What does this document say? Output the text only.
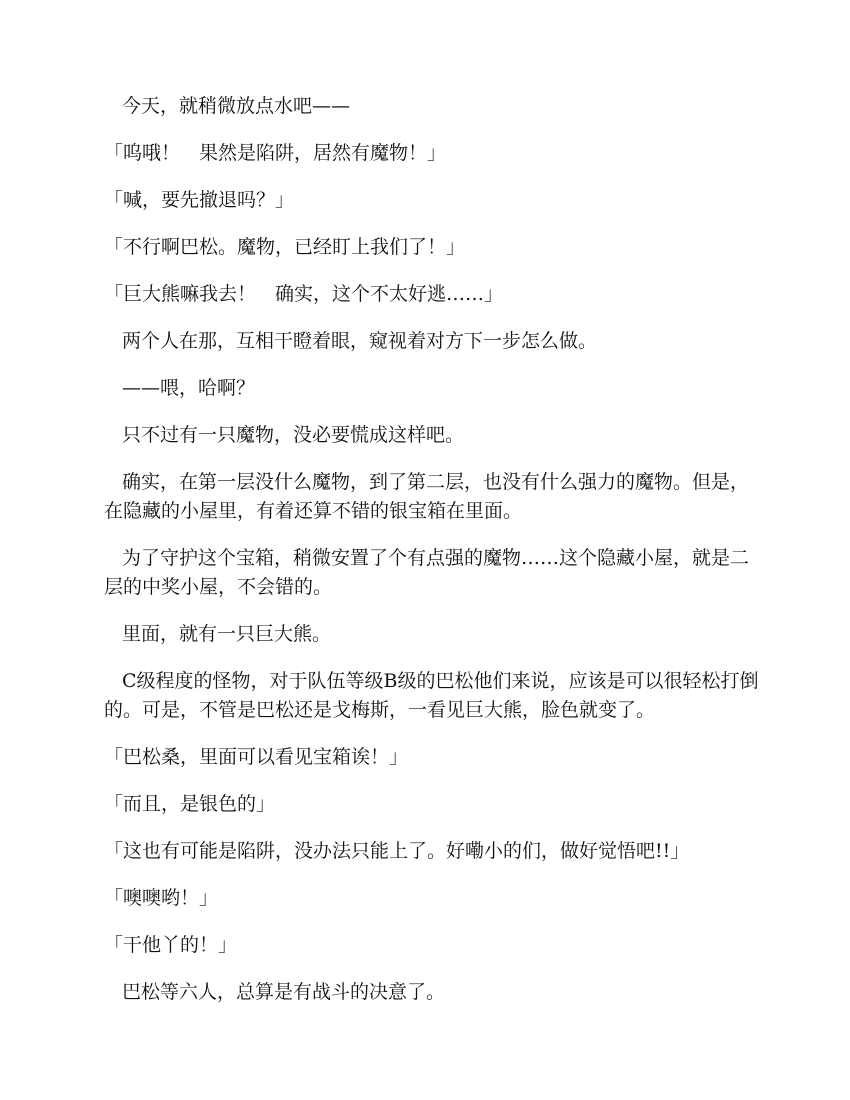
今天，就稍微放点水吧——

「呜哦！　果然是陷阱，居然有魔物！」

「喊，要先撤退吗？」

「不行啊巴松。魔物，已经盯上我们了！」

「巨大熊嘛我去！　确实，这个不太好逃……」

两个人在那，互相干瞪着眼，窥视着对方下一步怎么做。

——喂，哈啊？

只不过有一只魔物，没必要慌成这样吧。

确实，在第一层没什么魔物，到了第二层，也没有什么强力的魔物。但是，在隐藏的小屋里，有着还算不错的银宝箱在里面。

为了守护这个宝箱，稍微安置了个有点强的魔物……这个隐藏小屋，就是二层的中奖小屋，不会错的。

里面，就有一只巨大熊。

C级程度的怪物，对于队伍等级B级的巴松他们来说，应该是可以很轻松打倒的。可是，不管是巴松还是戈梅斯，一看见巨大熊，脸色就变了。

「巴松桑，里面可以看见宝箱诶！」

「而且，是银色的」

「这也有可能是陷阱，没办法只能上了。好嘞小的们，做好觉悟吧!!」

「噢噢哟！」

「干他丫的！」

巴松等六人，总算是有战斗的决意了。
